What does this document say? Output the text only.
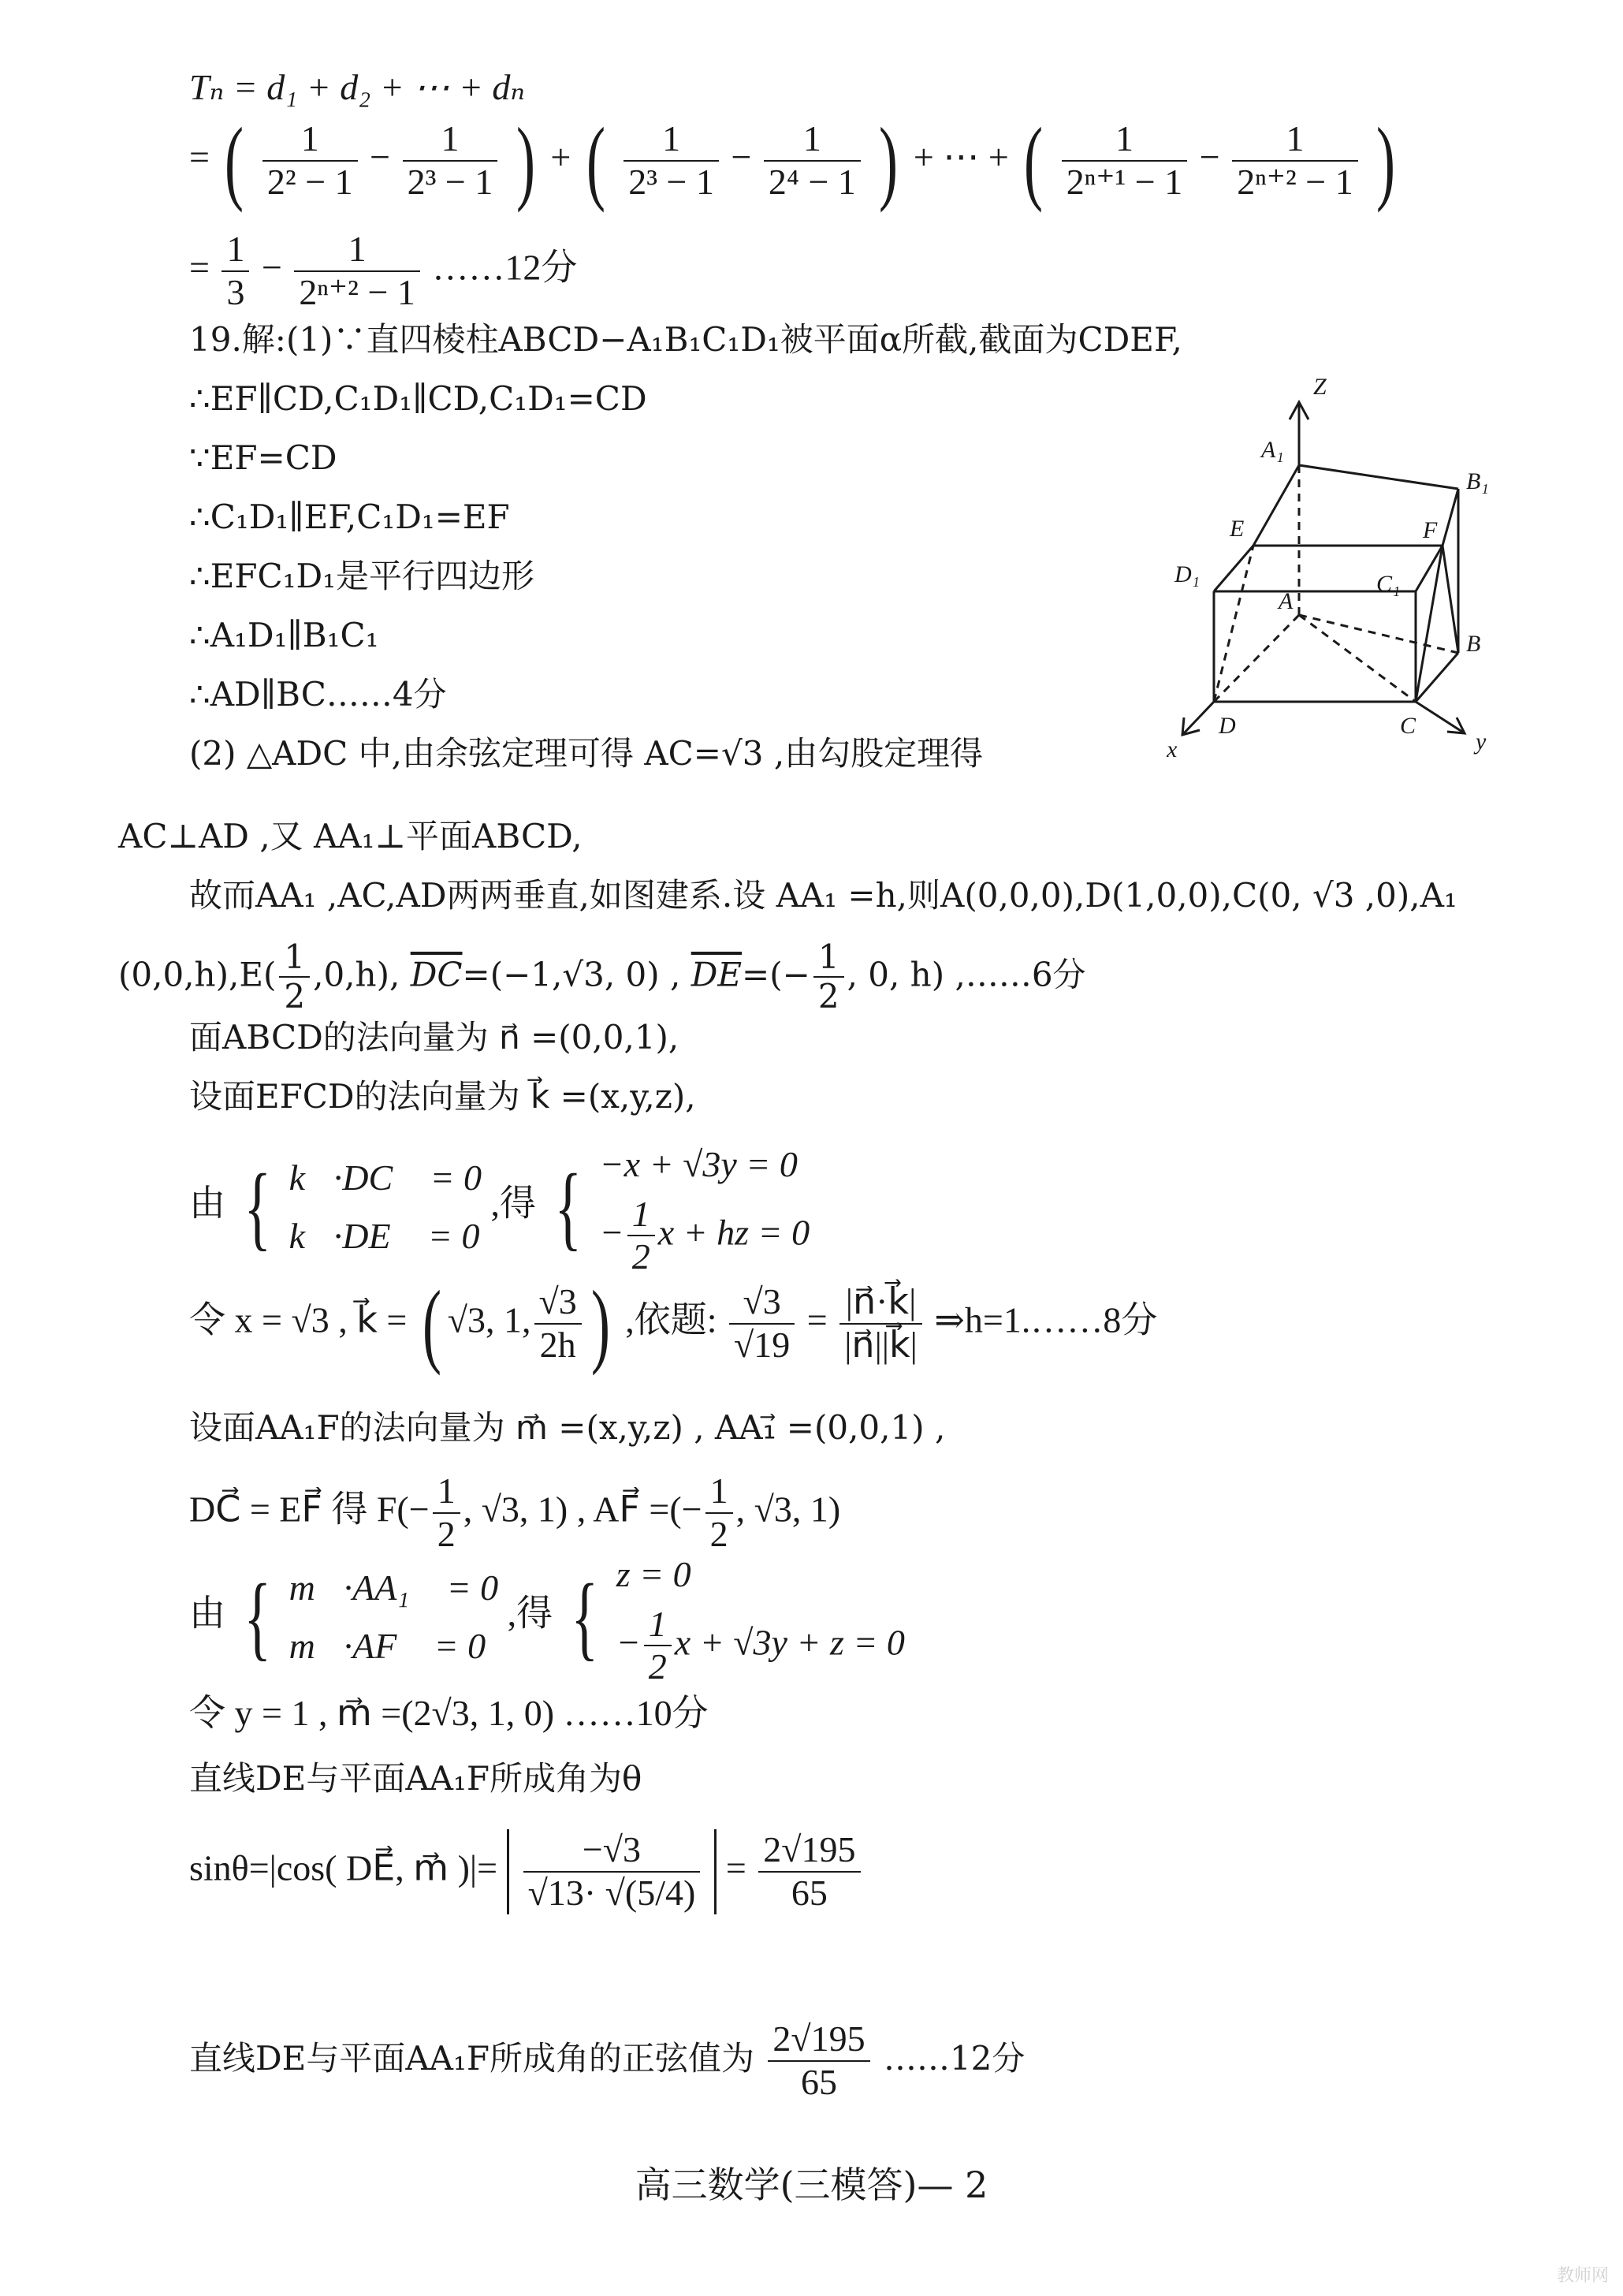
Tₙ = d₁ + d₂ + ⋯ + dₙ
= ( $\frac{1}{\text{2² − 1}} - \frac{1}{\text{2³ − 1}}$ ) + ( $\frac{1}{\text{2³ − 1}} - \frac{1}{\text{2⁴ − 1}}$ ) + ⋯ + ( $\frac{1}{\text{2ⁿ⁺¹ − 1}} - \frac{1}{\text{2ⁿ⁺² − 1}}$ )
= $\frac{1}{3} - \frac{1}{\text{2ⁿ⁺² − 1}}$ ……12分
19.解:(1)∵直四棱柱ABCD−A₁B₁C₁D₁被平面α所截,截面为CDEF,
∴EF∥CD,C₁D₁∥CD,C₁D₁=CD
∵EF=CD
∴C₁D₁∥EF,C₁D₁=EF
∴EFC₁D₁是平行四边形
∴A₁D₁∥B₁C₁
∴AD∥BC……4分
(2) △ADC 中,由余弦定理可得 AC=√3 ,由勾股定理得
Z
A₁
B₁
E	F
D₁	C₁
A
B
D	C
x	y
AC⊥AD ,又 AA₁⊥平面ABCD,
故而AA₁ ,AC,AD两两垂直,如图建系.设 AA₁ =h,则A(0,0,0),D(1,0,0),C(0, √3 ,0),A₁
$(0,0,h),E( \frac{1}{2} ,0,h)$, $\overline{DC}=(-1,√3$, 0) , $\overline{DE}=(- \frac{1}{2}$ , 0, h) ,……6分
面ABCD的法向量为 n⃗ =(0,0,1),
设面EFCD的法向量为 k⃗ =(x,y,z),
由 { k⃗·DC⃗ = 0
k⃗·DE⃗ = 0
,得 { −x + √3y = 0
− $\frac{1}{2}$ x + hz = 0
令 x = √3 , k⃗ = ( √3, 1, $\frac{√3}{2h}$ ) ,依题: $\frac{√3}{√19} = \frac{|n⃗\cdot k⃗|}{|n⃗||k⃗|}$ ⇒h=1.……8分
设面AA₁F的法向量为 m⃗ =(x,y,z) , AA₁⃗ =(0,0,1) ,
DC⃗ = EF⃗ 得 $F(- \frac{1}{2}$ , √3, 1) , AF⃗ =(− $\frac{1}{2}$ , √3, 1)
由 { m⃗·AA₁⃗ = 0
m⃗·AF⃗ = 0
,得 { z = 0
− $\frac{1}{2}$ x + √3y + z = 0
令 y = 1 , m⃗ =(2√3, 1, 0) ……10分
直线DE与平面AA₁F所成角为θ
sinθ=|cos( DE⃗, m⃗ )|= $\frac{-√3}{√13\cdot √(5/4)} = \frac{2√195}{65}$
直线DE与平面AA₁F所成角的正弦值为 $\frac{2√195}{65}$ ……12分
高三数学(三模答)— 2
教师网
